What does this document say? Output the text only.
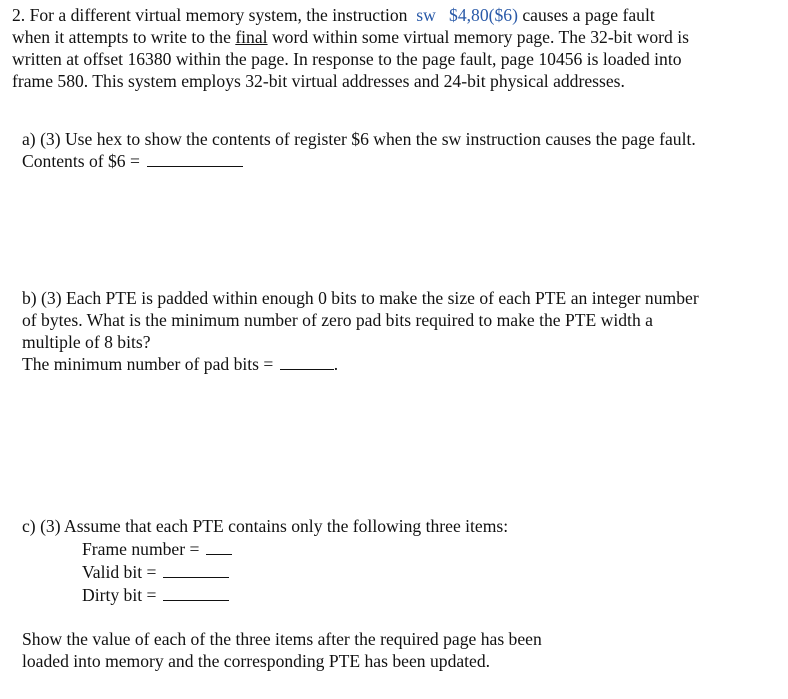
2. For a different virtual memory system, the instruction sw $4,80($6) causes a page fault
when it attempts to write to the final word within some virtual memory page. The 32-bit word is
written at offset 16380 within the page. In response to the page fault, page 10456 is loaded into
frame 580. This system employs 32-bit virtual addresses and 24-bit physical addresses.
a) (3) Use hex to show the contents of register $6 when the sw instruction causes the page fault.
Contents of $6 =
b) (3) Each PTE is padded within enough 0 bits to make the size of each PTE an integer number
of bytes. What is the minimum number of zero pad bits required to make the PTE width a
multiple of 8 bits?
The minimum number of pad bits =	.
c) (3) Assume that each PTE contains only the following three items:
Frame number =
Valid bit =
Dirty bit =
Show the value of each of the three items after the required page has been
loaded into memory and the corresponding PTE has been updated.
